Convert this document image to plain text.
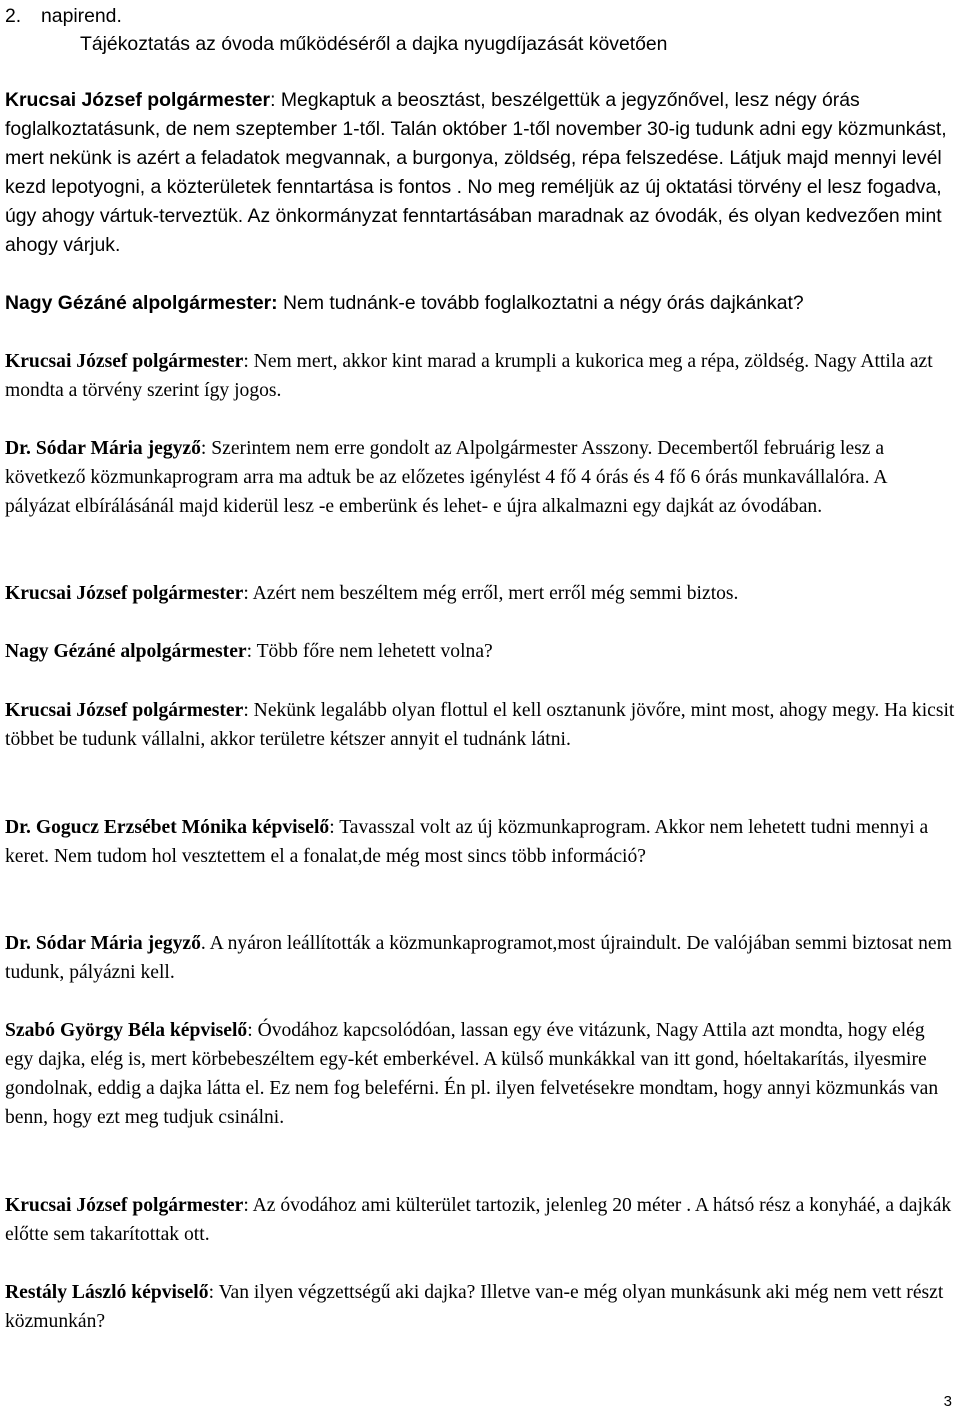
2. napirend.
Tájékoztatás az óvoda működéséről a dajka nyugdíjazását követően

Krucsai József polgármester: Megkaptuk a beosztást, beszélgettük a jegyzőnővel, lesz négy órás foglalkoztatásunk, de nem szeptember 1-től. Talán október 1-től november 30-ig tudunk adni egy közmunkást, mert nekünk is azért a feladatok megvannak, a burgonya, zöldség, répa felszedése. Látjuk majd mennyi levél kezd lepotyogni, a közterületek fenntartása is fontos . No meg reméljük az új oktatási törvény el lesz fogadva, úgy ahogy vártuk-terveztük. Az önkormányzat fenntartásában maradnak az óvodák, és olyan kedvezően mint ahogy várjuk.

Nagy Gézáné alpolgármester: Nem tudnánk-e tovább foglalkoztatni a négy órás dajkánkat?

Krucsai József polgármester: Nem mert, akkor kint marad a krumpli a kukorica meg a répa, zöldség. Nagy Attila azt mondta a törvény szerint így jogos.

Dr. Sódar Mária jegyző: Szerintem nem erre gondolt az Alpolgármester Asszony. Decembertől februárig lesz a következő közmunkaprogram arra ma adtuk be az előzetes igénylést 4 fő 4 órás és 4 fő 6 órás munkavállalóra. A pályázat elbírálásánál majd kiderül lesz -e emberünk és lehet- e újra alkalmazni egy dajkát az óvodában.

Krucsai József polgármester: Azért nem beszéltem még erről, mert erről még semmi biztos.

Nagy Gézáné alpolgármester: Több főre nem lehetett volna?

Krucsai József polgármester: Nekünk legalább olyan flottul el kell osztanunk jövőre, mint most, ahogy megy. Ha kicsit többet be tudunk vállalni, akkor területre kétszer annyit el tudnánk látni.

Dr. Gogucz Erzsébet Mónika képviselő: Tavasszal volt az új közmunkaprogram. Akkor nem lehetett tudni mennyi a keret. Nem tudom hol vesztettem el a fonalat,de még most sincs több információ?

Dr. Sódar Mária jegyző. A nyáron leállították a közmunkaprogramot,most újraindult. De valójában semmi biztosat nem tudunk, pályázni kell.

Szabó György Béla képviselő: Óvodához kapcsolódóan, lassan egy éve vitázunk, Nagy Attila azt mondta, hogy elég egy dajka, elég is, mert körbebeszéltem egy-két emberkével. A külső munkákkal van itt gond, hóeltakarítás, ilyesmire gondolnak, eddig a dajka látta el. Ez nem fog beleférni. Én pl. ilyen felvetésekre mondtam, hogy annyi közmunkás van benn, hogy ezt meg tudjuk csinálni.

Krucsai József polgármester: Az óvodához ami külterület tartozik, jelenleg 20 méter . A hátsó rész a konyháé, a dajkák előtte sem takarítottak ott.

Restály László képviselő: Van ilyen végzettségű aki dajka? Illetve van-e még olyan munkásunk aki még nem vett részt közmunkán?

3
